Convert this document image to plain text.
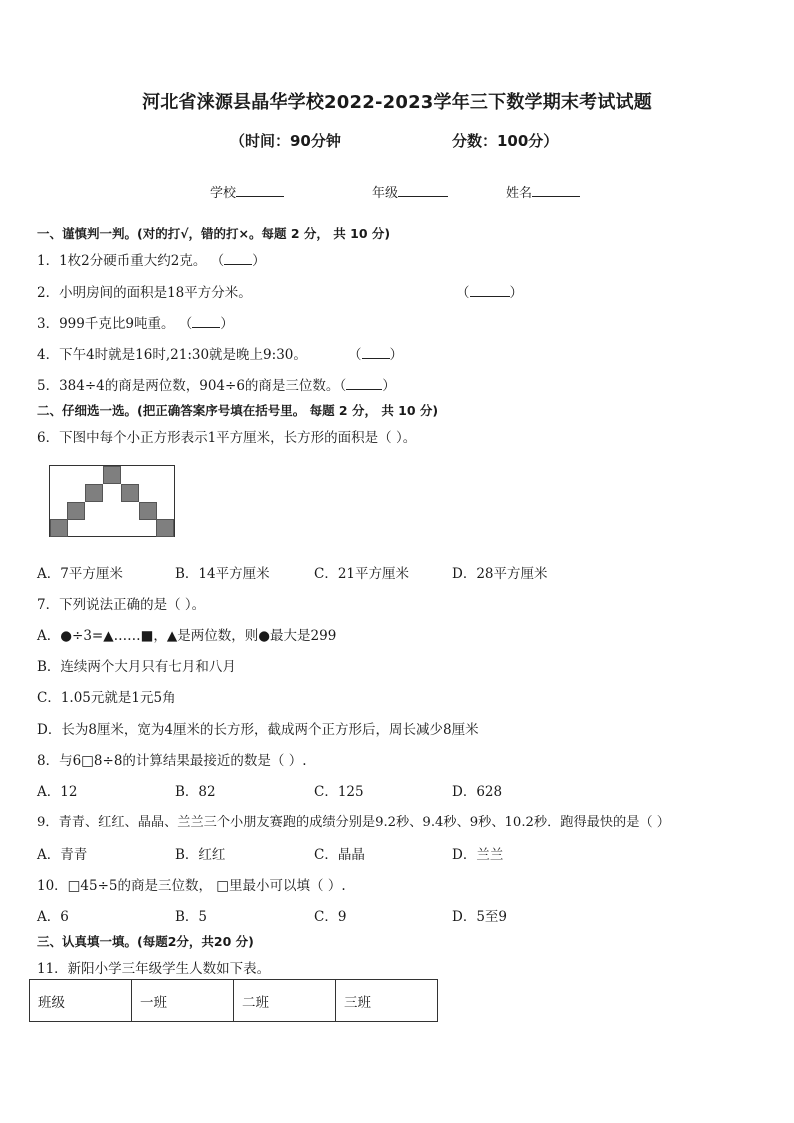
河北省涞源县晶华学校2022-2023学年三下数学期末考试试题
（时间：90分钟	分数：100分）
学校	年级	姓名
一、谨慎判一判。(对的打√，错的打×。每题 2 分， 共 10 分)
1．1枚2分硬币重大约2克。 （ ）
2．小明房间的面积是18平方分米。	（	）
3．999千克比9吨重。 （ ）
4．下午4时就是16时,21:30就是晚上9:30。	（ ）
5．384÷4的商是两位数，904÷6的商是三位数。（	）
二、仔细选一选。(把正确答案序号填在括号里。 每题 2 分， 共 10 分)
6．下图中每个小正方形表示1平方厘米，长方形的面积是（ ）。
A．7平方厘米	B．14平方厘米	C．21平方厘米	D．28平方厘米
7．下列说法正确的是（ ）。
A．●÷3=▲……■，▲是两位数，则●最大是299
B．连续两个大月只有七月和八月
C．1.05元就是1元5角
D．长为8厘米，宽为4厘米的长方形，截成两个正方形后，周长减少8厘米
8．与6□8÷8的计算结果最接近的数是（ ）.
A．12	B．82	C．125	D．628
9．青青、红红、晶晶、兰兰三个小朋友赛跑的成绩分别是9.2秒、9.4秒、9秒、10.2秒．跑得最快的是（ ）
A．青青	B．红红	C．晶晶	D．兰兰
10．□45÷5的商是三位数， □里最小可以填（ ）.
A．6	B．5	C．9	D．5至9
三、认真填一填。(每题2分，共20 分)
11．新阳小学三年级学生人数如下表。
班级	一班	二班	三班
